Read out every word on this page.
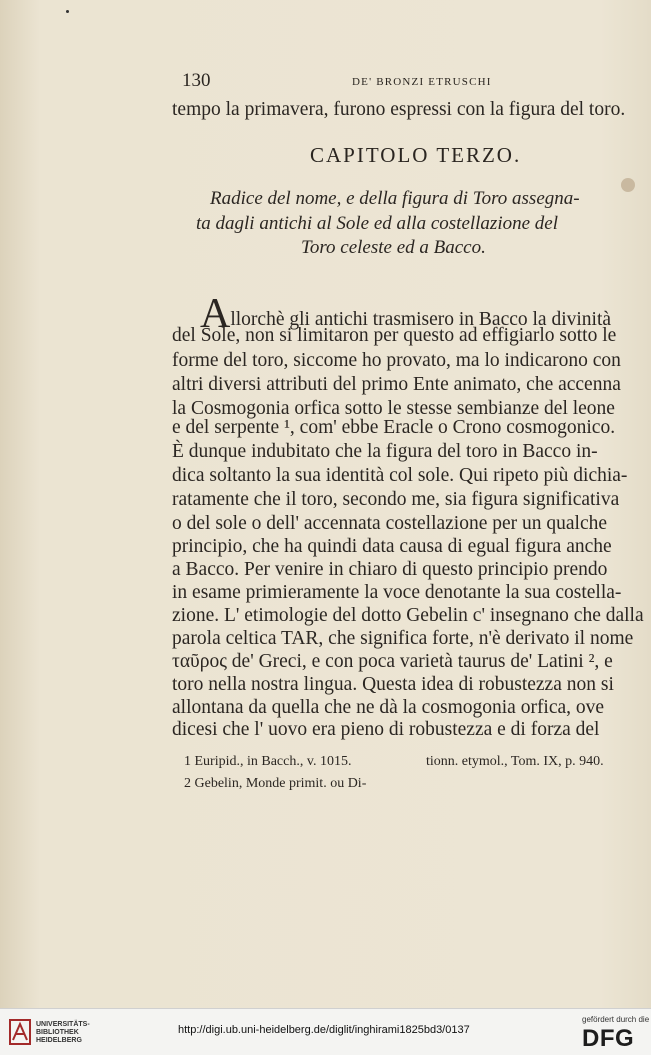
130	DE' BRONZI ETRUSCHI
tempo la primavera, furono espressi con la figura del toro.
CAPITOLO TERZO.
Radice del nome, e della figura di Toro assegna-
ta dagli antichi al Sole ed alla costellazione del
Toro celeste ed a Bacco.
Allorchè gli antichi trasmisero in Bacco la divinità
del Sole, non si limitaron per questo ad effigiarlo sotto le
forme del toro, siccome ho provato, ma lo indicarono con
altri diversi attributi del primo Ente animato, che accenna
la Cosmogonia orfica sotto le stesse sembianze del leone
e del serpente ¹, com' ebbe Eracle o Crono cosmogonico.
È dunque indubitato che la figura del toro in Bacco in-
dica soltanto la sua identità col sole. Qui ripeto più dichia-
ratamente che il toro, secondo me, sia figura significativa
o del sole o dell' accennata costellazione per un qualche
principio, che ha quindi data causa di egual figura anche
a Bacco. Per venire in chiaro di questo principio prendo
in esame primieramente la voce denotante la sua costella-
zione. L' etimologie del dotto Gebelin c' insegnano che dalla
parola celtica TAR, che significa forte, n'è derivato il nome
ταῦρος de' Greci, e con poca varietà taurus de' Latini ², e
toro nella nostra lingua. Questa idea di robustezza non si
allontana da quella che ne dà la cosmogonia orfica, ove
dicesi che l' uovo era pieno di robustezza e di forza del
1 Euripid., in Bacch., v. 1015.
2 Gebelin, Monde primit. ou Di-
tionn. etymol., Tom. IX, p. 940.
UNIVERSITÄTS-
BIBLIOTHEK
HEIDELBERG
http://digi.ub.uni-heidelberg.de/diglit/inghirami1825bd3/0137
gefördert durch die
DFG
